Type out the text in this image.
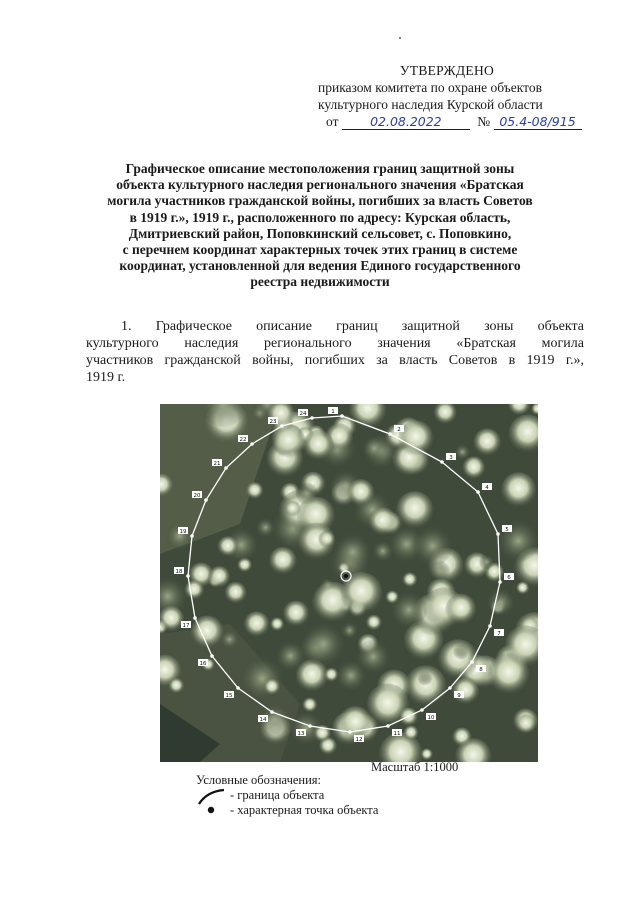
УТВЕРЖДЕНО
приказом комитета по охране объектов
культурного наследия Курской области
от	02.08.2022	№ 05.4-08/915
Графическое описание местоположения границ защитной зоны
объекта культурного наследия регионального значения «Братская
могила участников гражданской войны, погибших за власть Советов
в 1919 г.», 1919 г., расположенного по адресу: Курская область,
Дмитриевский район, Поповкинский сельсовет, с. Поповкино,
с перечнем координат характерных точек этих границ в системе
координат, установленной для ведения Единого государственного
реестра недвижимости
1. Графическое описание границ защитной зоны объекта
культурного наследия регионального значения «Братская могила
участников гражданской войны, погибших за власть Советов в 1919 г.»,
1919 г.
1
2
3
4
5
6
7
8
9
10
11
12
13
14
15
16
17
18
19
20
21
22
23
24
Масштаб 1:1000
Условные обозначения:
- граница объекта
- характерная точка объекта
